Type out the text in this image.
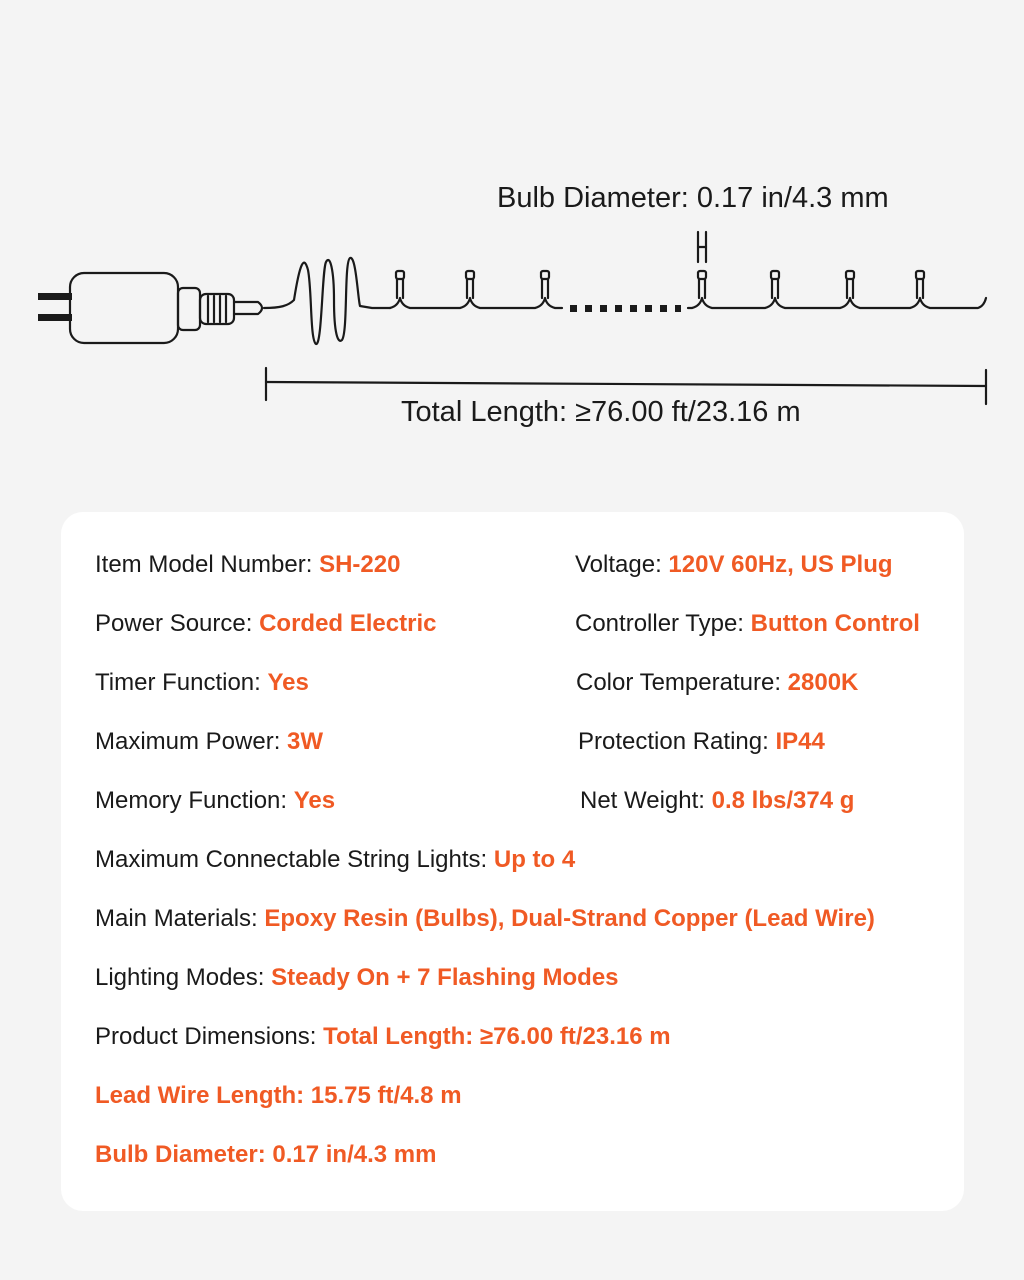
Bulb Diameter: 0.17 in/4.3 mm
Total Length: ≥76.00 ft/23.16 m
Item Model Number: SH-220
Power Source: Corded Electric
Timer Function: Yes
Maximum Power: 3W
Memory Function: Yes
Voltage: 120V 60Hz, US Plug
Controller Type: Button Control
Color Temperature: 2800K
Protection Rating: IP44
Net Weight: 0.8 lbs/374 g
Maximum Connectable String Lights: Up to 4
Main Materials: Epoxy Resin (Bulbs), Dual-Strand Copper (Lead Wire)
Lighting Modes: Steady On + 7 Flashing Modes
Product Dimensions: Total Length: ≥76.00 ft/23.16 m
Lead Wire Length: 15.75 ft/4.8 m
Bulb Diameter: 0.17 in/4.3 mm
